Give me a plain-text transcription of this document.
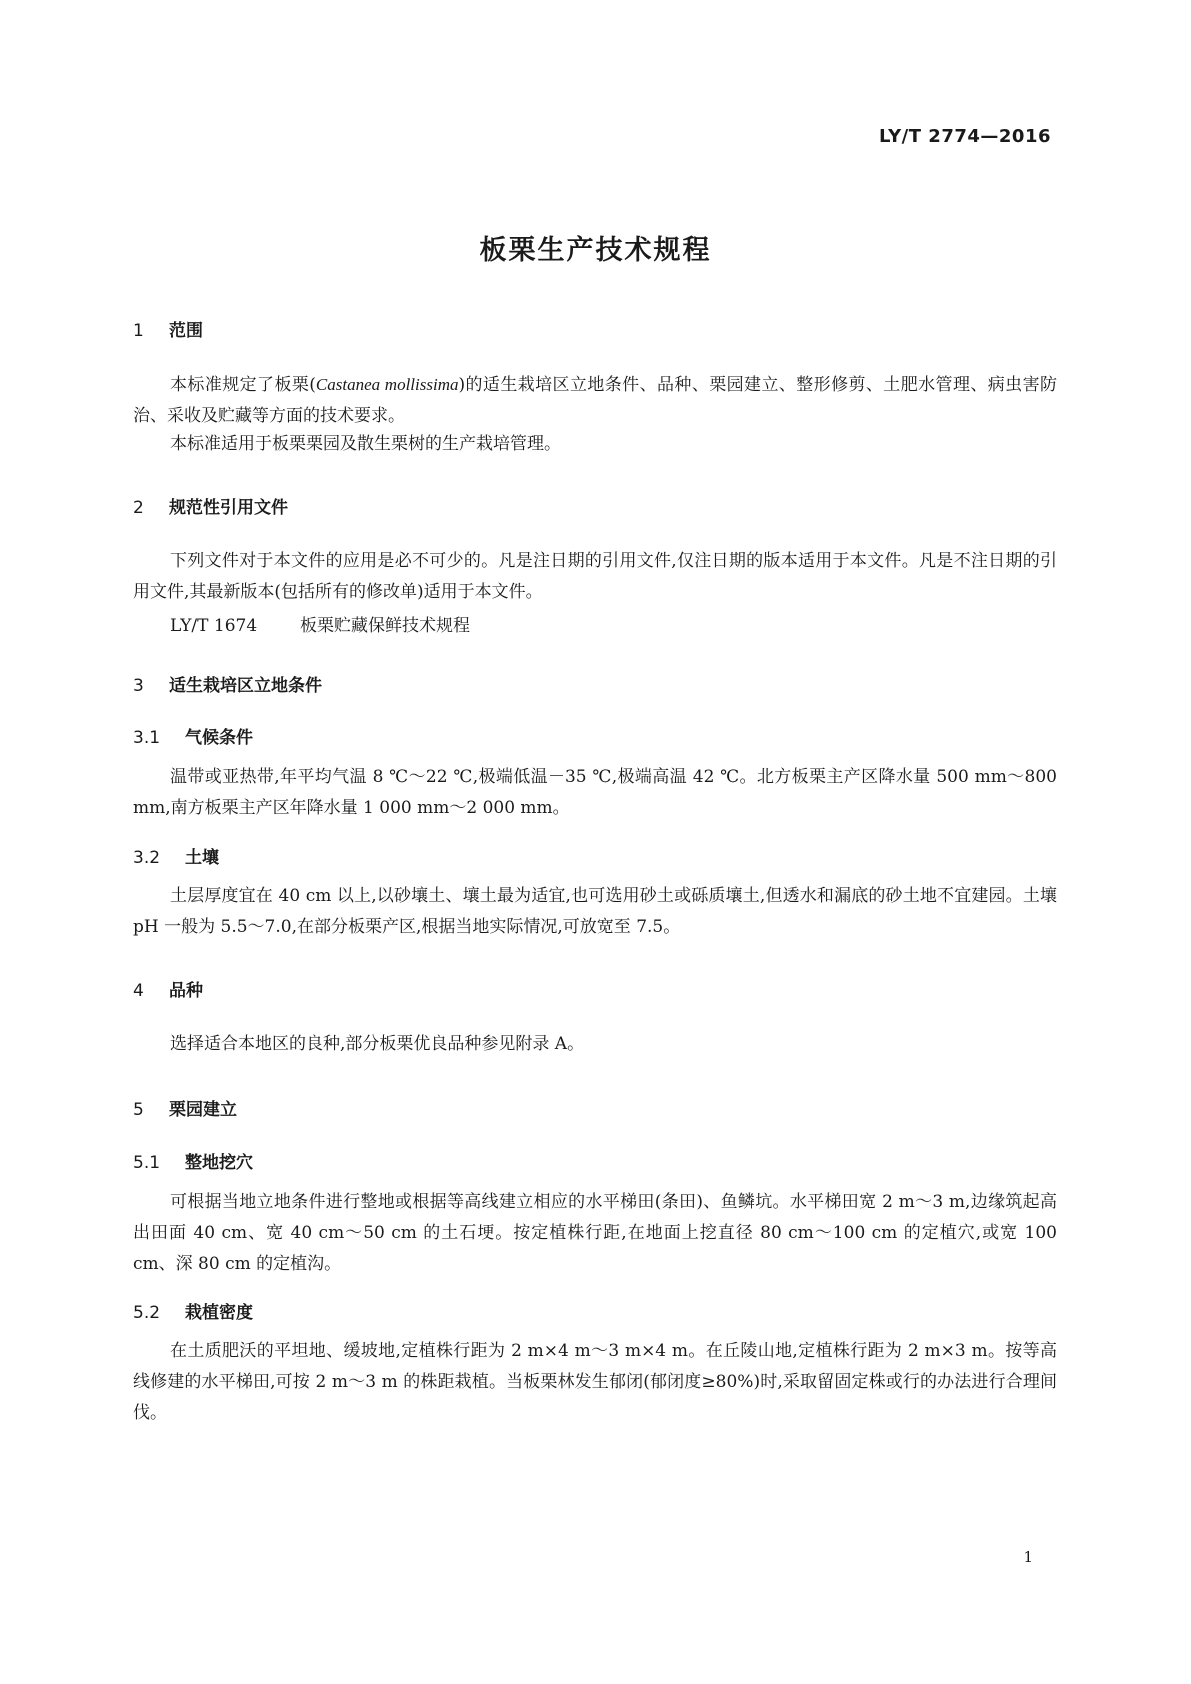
LY/T 2774—2016
板栗生产技术规程
1 范围

本标准规定了板栗(Castanea mollissima)的适生栽培区立地条件、品种、栗园建立、整形修剪、土肥水管理、病虫害防治、采收及贮藏等方面的技术要求。

本标准适用于板栗栗园及散生栗树的生产栽培管理。

2 规范性引用文件

下列文件对于本文件的应用是必不可少的。凡是注日期的引用文件,仅注日期的版本适用于本文件。凡是不注日期的引用文件,其最新版本(包括所有的修改单)适用于本文件。

LY/T 1674	板栗贮藏保鲜技术规程
3 适生栽培区立地条件
3.1 气候条件

温带或亚热带,年平均气温 8 ℃～22 ℃,极端低温－35 ℃,极端高温 42 ℃。北方板栗主产区降水量 500 mm～800 mm,南方板栗主产区年降水量 1 000 mm～2 000 mm。

3.2 土壤

土层厚度宜在 40 cm 以上,以砂壤土、壤土最为适宜,也可选用砂土或砾质壤土,但透水和漏底的砂土地不宜建园。土壤 pH 一般为 5.5～7.0,在部分板栗产区,根据当地实际情况,可放宽至 7.5。

4 品种

选择适合本地区的良种,部分板栗优良品种参见附录 A。

5 栗园建立
5.1 整地挖穴

可根据当地立地条件进行整地或根据等高线建立相应的水平梯田(条田)、鱼鳞坑。水平梯田宽 2 m～3 m,边缘筑起高出田面 40 cm、宽 40 cm～50 cm 的土石埂。按定植株行距,在地面上挖直径 80 cm～100 cm 的定植穴,或宽 100 cm、深 80 cm 的定植沟。

5.2 栽植密度

在土质肥沃的平坦地、缓坡地,定植株行距为 2 m×4 m～3 m×4 m。在丘陵山地,定植株行距为 2 m×3 m。按等高线修建的水平梯田,可按 2 m～3 m 的株距栽植。当板栗林发生郁闭(郁闭度≥80%)时,采取留固定株或行的办法进行合理间伐。

1
